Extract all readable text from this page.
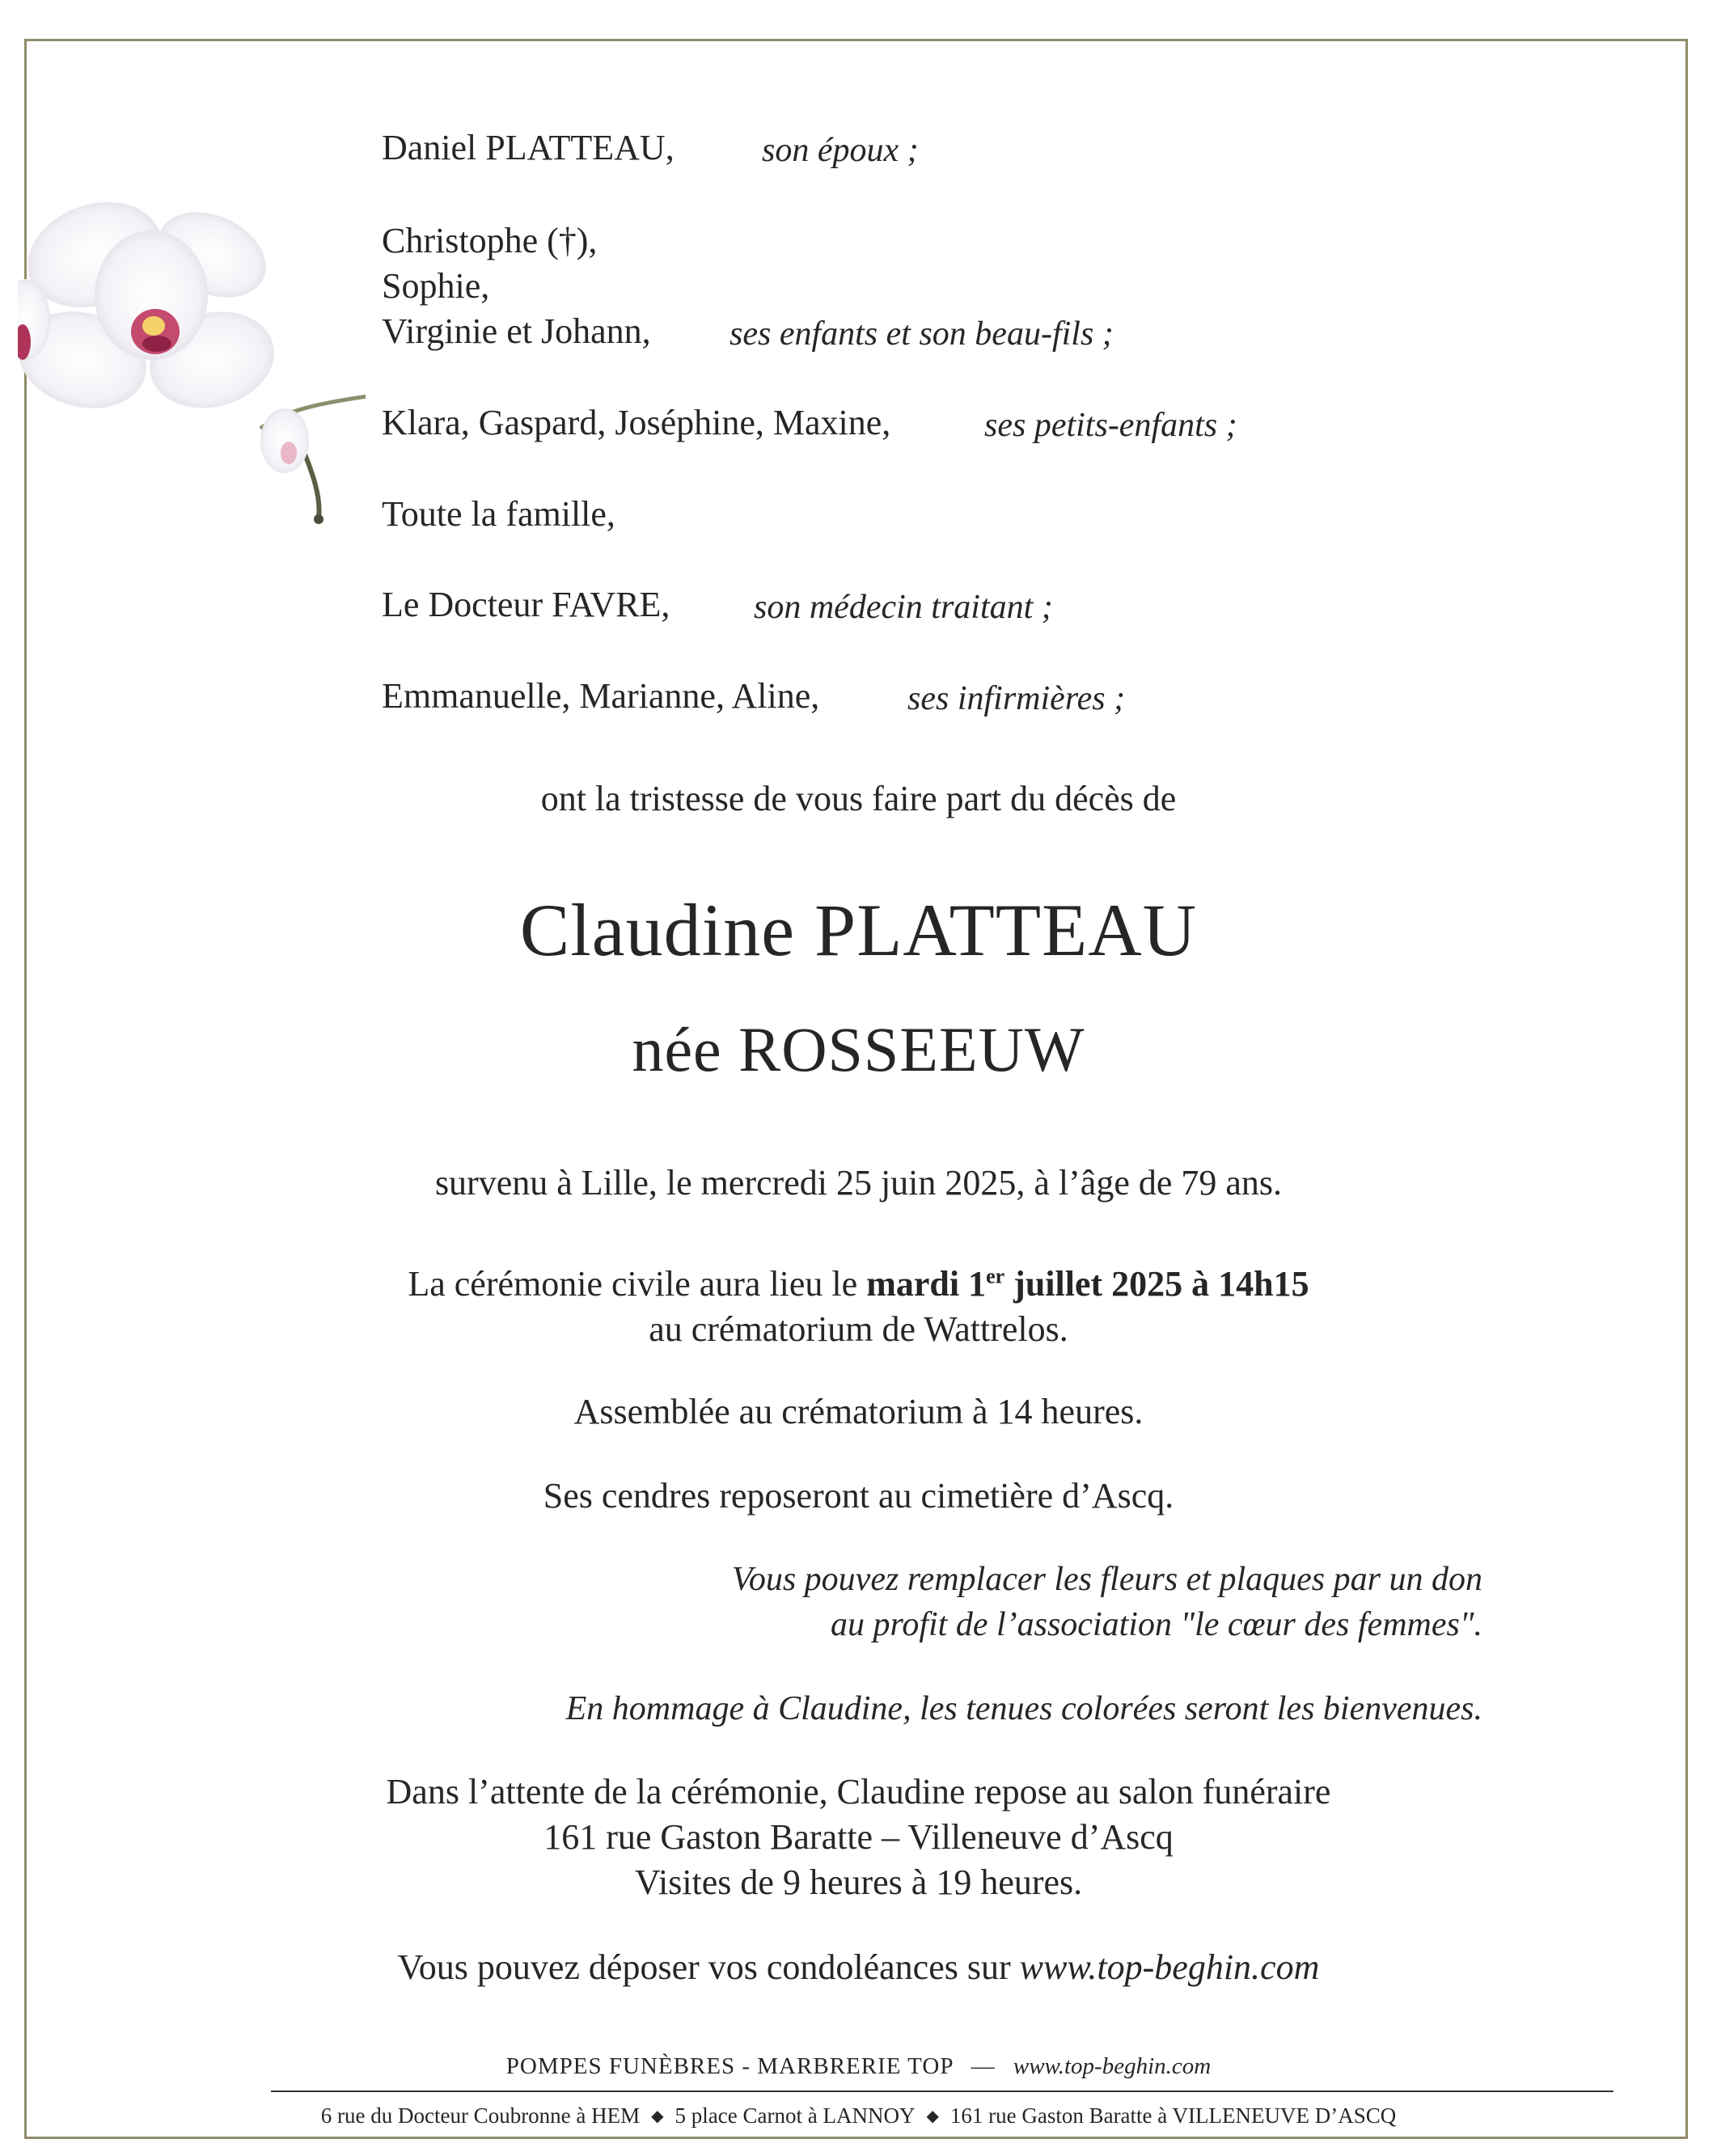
Daniel PLATTEAU,	son époux ;
Christophe (†),
Sophie,
Virginie et Johann, ses enfants et son beau-fils ;
Klara, Gaspard, Joséphine, Maxine,	ses petits-enfants ;
Toute la famille,
Le Docteur FAVRE, son médecin traitant ;
Emmanuelle, Marianne, Aline,	ses infirmières ;
ont la tristesse de vous faire part du décès de
Claudine PLATTEAU
née ROSSEEUW
survenu à Lille, le mercredi 25 juin 2025, à l’âge de 79 ans.
La cérémonie civile aura lieu le mardi 1er juillet 2025 à 14h15
au crématorium de Wattrelos.
Assemblée au crématorium à 14 heures.
Ses cendres reposeront au cimetière d’Ascq.
Vous pouvez remplacer les fleurs et plaques par un don
au profit de l’association "le cœur des femmes".
En hommage à Claudine, les tenues colorées seront les bienvenues.
Dans l’attente de la cérémonie, Claudine repose au salon funéraire
161 rue Gaston Baratte – Villeneuve d’Ascq
Visites de 9 heures à 19 heures.
Vous pouvez déposer vos condoléances sur www.top-beghin.com
POMPES FUNÈBRES - MARBRERIE TOP — www.top-beghin.com
6 rue du Docteur Coubronne à HEM ◆ 5 place Carnot à LANNOY ◆ 161 rue Gaston Baratte à VILLENEUVE D’ASCQ
